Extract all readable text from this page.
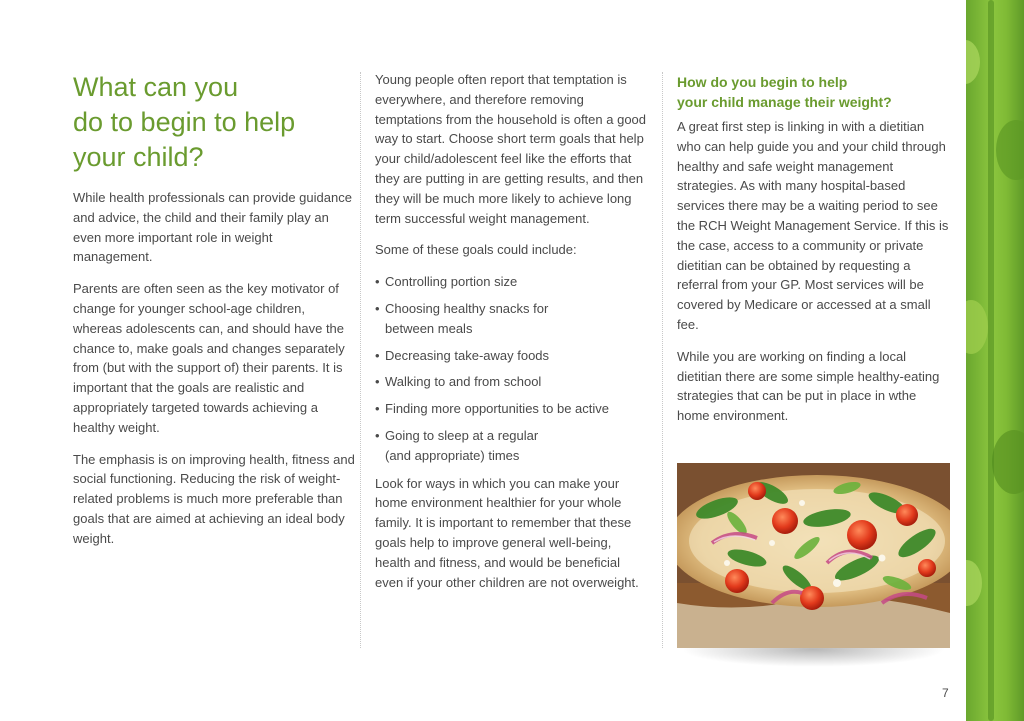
What can you
do to begin to help
your child?

While health professionals can provide guidance and advice, the child and their family play an even more important role in weight management.

Parents are often seen as the key motivator of change for younger school-age children, whereas adolescents can, and should have the chance to, make goals and changes separately from (but with the support of) their parents. It is important that the goals are realistic and appropriately targeted towards achieving a healthy weight.

The emphasis is on improving health, fitness and social functioning. Reducing the risk of weight-related problems is much more preferable than goals that are aimed at achieving an ideal body weight.

Young people often report that temptation is everywhere, and therefore removing temptations from the household is often a good way to start. Choose short term goals that help your child/adolescent feel like the efforts that they are putting in are getting results, and then they will be much more likely to achieve long term successful weight management.

Some of these goals could include:

• Controlling portion size
• Choosing healthy snacks for between meals
• Decreasing take-away foods
• Walking to and from school
• Finding more opportunities to be active
• Going to sleep at a regular (and appropriate) times

Look for ways in which you can make your home environment healthier for your whole family. It is important to remember that these goals help to improve general well-being, health and fitness, and would be beneficial even if your other children are not overweight.

How do you begin to help
your child manage their weight?

A great first step is linking in with a dietitian who can help guide you and your child through healthy and safe weight management strategies. As with many hospital-based services there may be a waiting period to see the RCH Weight Management Service. If this is the case, access to a community or private dietitian can be obtained by requesting a referral from your GP. Most services will be covered by Medicare or accessed at a small fee.

While you are working on finding a local dietitian there are some simple healthy-eating strategies that can be put in place in wthe home environment.

7
